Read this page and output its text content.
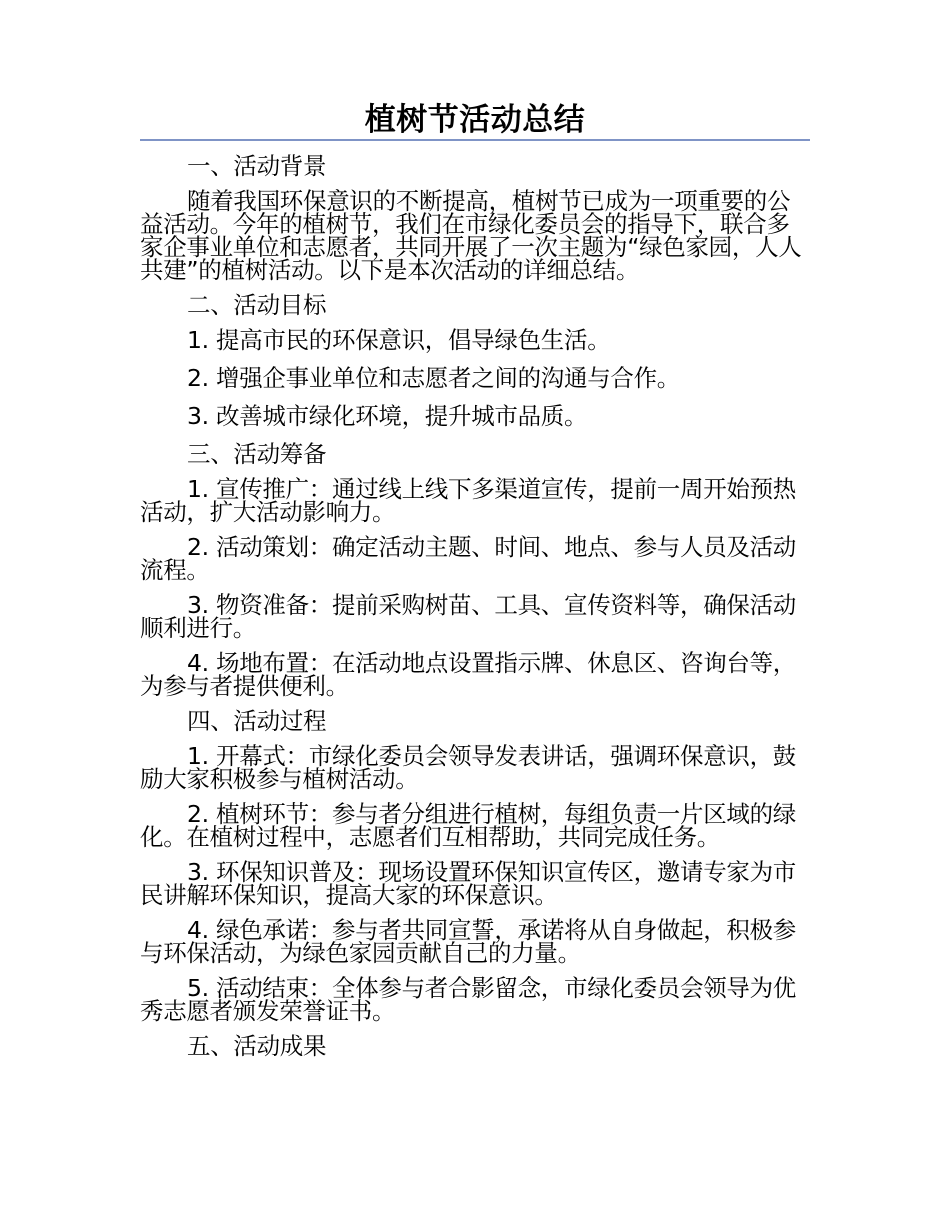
植树节活动总结

一、活动背景

随着我国环保意识的不断提高，植树节已成为一项重要的公益活动。今年的植树节，我们在市绿化委员会的指导下，联合多家企事业单位和志愿者，共同开展了一次主题为“绿色家园，人人共建”的植树活动。以下是本次活动的详细总结。

二、活动目标

1. 提高市民的环保意识，倡导绿色生活。

2. 增强企事业单位和志愿者之间的沟通与合作。

3. 改善城市绿化环境，提升城市品质。

三、活动筹备

1. 宣传推广：通过线上线下多渠道宣传，提前一周开始预热活动，扩大活动影响力。

2. 活动策划：确定活动主题、时间、地点、参与人员及活动流程。

3. 物资准备：提前采购树苗、工具、宣传资料等，确保活动顺利进行。

4. 场地布置：在活动地点设置指示牌、休息区、咨询台等，为参与者提供便利。

四、活动过程

1. 开幕式：市绿化委员会领导发表讲话，强调环保意识，鼓励大家积极参与植树活动。

2. 植树环节：参与者分组进行植树，每组负责一片区域的绿化。在植树过程中，志愿者们互相帮助，共同完成任务。

3. 环保知识普及：现场设置环保知识宣传区，邀请专家为市民讲解环保知识，提高大家的环保意识。

4. 绿色承诺：参与者共同宣誓，承诺将从自身做起，积极参与环保活动，为绿色家园贡献自己的力量。

5. 活动结束：全体参与者合影留念，市绿化委员会领导为优秀志愿者颁发荣誉证书。

五、活动成果
